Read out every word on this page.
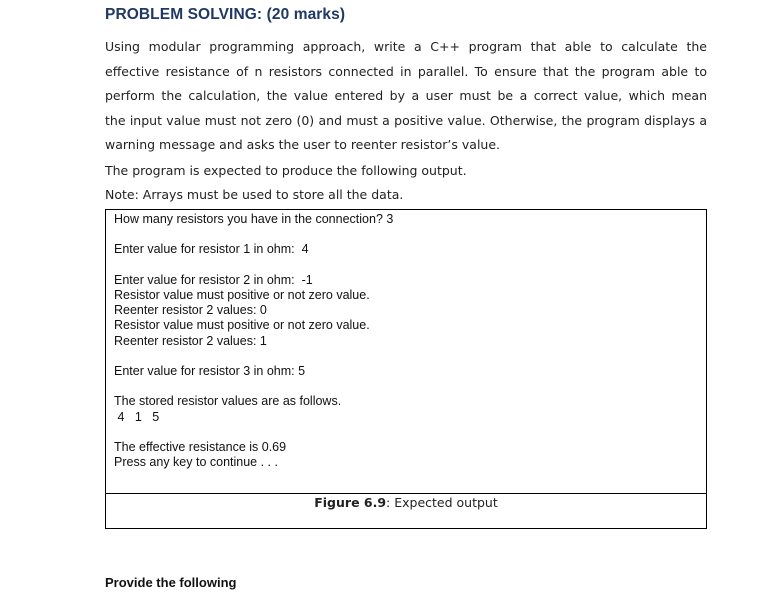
PROBLEM SOLVING: (20 marks)
Using modular programming approach, write a C++ program that able to calculate the
effective resistance of n resistors connected in parallel. To ensure that the program able to
perform the calculation, the value entered by a user must be a correct value, which mean
the input value must not zero (0) and must a positive value. Otherwise, the program displays a
warning message and asks the user to reenter resistor’s value.
The program is expected to produce the following output.
Note: Arrays must be used to store all the data.
How many resistors you have in the connection? 3
Enter value for resistor 1 in ohm:  4
Enter value for resistor 2 in ohm:  -1
Resistor value must positive or not zero value.
Reenter resistor 2 values: 0
Resistor value must positive or not zero value.
Reenter resistor 2 values: 1
Enter value for resistor 3 in ohm: 5
The stored resistor values are as follows.
4   1   5
The effective resistance is 0.69
Press any key to continue . . .
Figure 6.9: Expected output
Provide the following
